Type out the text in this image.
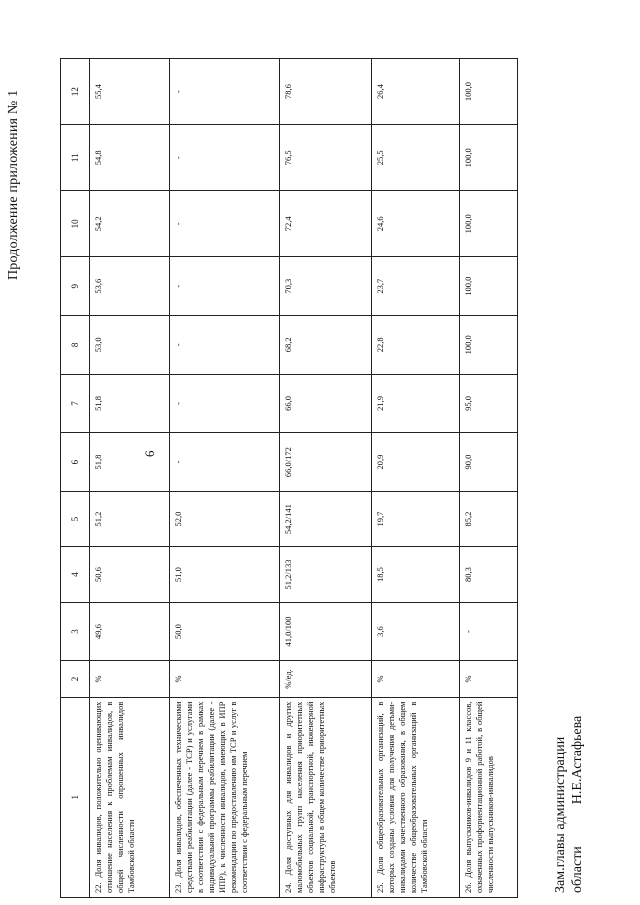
Продолжение приложения № 1
6
1	2	3	4	5	6	7	8	9	10	11	12
22. Доля инвалидов, положительно оценивающих отношение населения к проблемам инвалидов, в общей численности опрошенных инвалидов Тамбовской области	%	49,6	50,6	51,2	51,8	51,8	53,0	53,6	54,2	54,8	55,4
23. Доля инвалидов, обеспеченных техническими средствами реабилитации (далее - ТСР) и услугами в соответствии с федеральным перечнем в рамках индивидуальной программы реабилитации (далее - ИПР), к численности инвалидов, имеющих в ИПР рекомендации по предоставлению им ТСР и услуг в соответствии с федеральным перечнем	%	50,0	51,0	52,0	-	-	-	-	-	-	-
24. Доля доступных для инвалидов и других маломобильных групп населения приоритетных объектов социальной, транспортной, инженерной инфраструктуры в общем количестве приоритетных объектов	%/ед.	41,0/100	51,2/133	54,2/141	66,0/172	66,0	68,2	70,3	72,4	76,5	78,6
25. Доля общеобразовательных организаций, в которых созданы условия для получения детьми-инвалидами качественного образования, в общем количестве общеобразовательных организаций в Тамбовской области	%	3,6	18,5	19,7	20,9	21,9	22,8	23,7	24,6	25,5	26,4
26. Доля выпускников-инвалидов 9 и 11 классов, охваченных профориентационной работой, в общей численности выпускников-инвалидов	%	-	80,3	85,2	90,0	95,0	100,0	100,0	100,0	100,0	100,0
Зам.главы администрации областиН.Е.Астафьева
